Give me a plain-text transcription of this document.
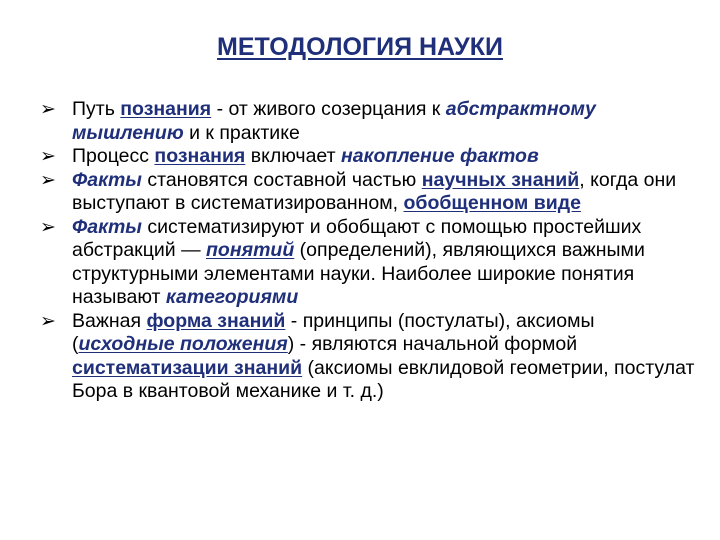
МЕТОДОЛОГИЯ НАУКИ
➢ Путь познания - от живого созерцания к абстрактному мышлению и к практике
➢ Процесс познания включает накопление фактов
➢ Факты становятся составной частью научных знаний, когда они выступают в систематизированном, обобщенном виде
➢ Факты систематизируют и обобщают с помощью простейших абстракций — понятий (определений), являющихся важными структурными элементами науки. Наиболее широкие понятия называют категориями
➢ Важная форма знаний - принципы (постулаты), аксиомы (исходные положения) - являются начальной формой систематизации знаний (аксиомы евклидовой геометрии, постулат Бора в квантовой механике и т. д.)
